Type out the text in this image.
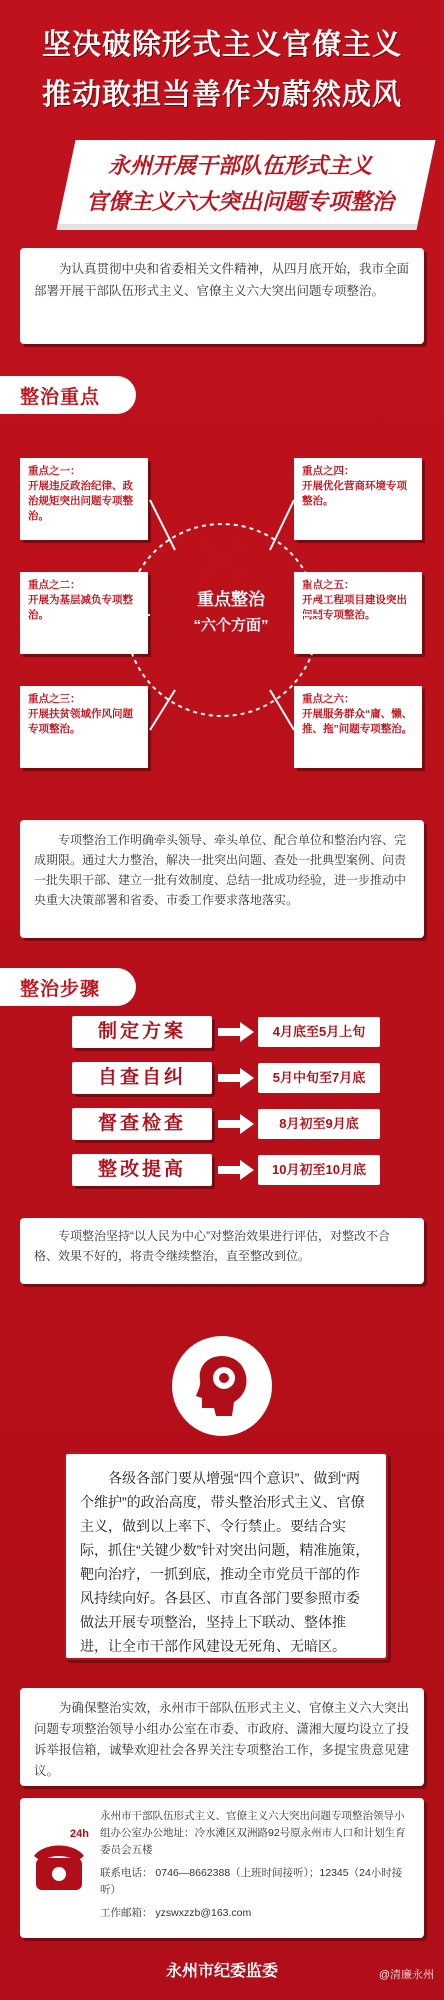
坚决破除形式主义官僚主义
推动敢担当善作为蔚然成风
永州开展干部队伍形式主义
官僚主义六大突出问题专项整治

为认真贯彻中央和省委相关文件精神，从四月底开始，我市全面部署开展干部队伍形式主义、官僚主义六大突出问题专项整治。

整治重点
重点之一：
开展违反政治纪律、政治规矩突出问题专项整治。
重点之二：
开展为基层减负专项整治。
重点之三：
开展扶贫领域作风问题专项整治。
重点之四：
开展优化营商环境专项整治。
重点之五：
开展工程项目建设突出问题专项整治。
重点之六：
开展服务群众“庸、懒、推、拖”问题专项整治。
重点整治
“六个方面”

专项整治工作明确牵头领导、牵头单位、配合单位和整治内容、完成期限。通过大力整治，解决一批突出问题、查处一批典型案例、问责一批失职干部、建立一批有效制度、总结一批成功经验，进一步推动中央重大决策部署和省委、市委工作要求落地落实。

整治步骤
制定方案	4月底至5月上旬
自查自纠	5月中旬至7月底
督查检查	8月初至9月底
整改提高	10月初至10月底

专项整治坚持“以人民为中心”对整治效果进行评估，对整改不合格、效果不好的，将责令继续整治，直至整改到位。

各级各部门要从增强“四个意识”、做到“两个维护”的政治高度，带头整治形式主义、官僚主义，做到以上率下、令行禁止。要结合实际，抓住“关键少数”针对突出问题，精准施策，靶向治疗，一抓到底，推动全市党员干部的作风持续向好。各县区、市直各部门要参照市委做法开展专项整治，坚持上下联动、整体推进，让全市干部作风建设无死角、无暗区。

为确保整治实效，永州市干部队伍形式主义、官僚主义六大突出问题专项整治领导小组办公室在市委、市政府、潇湘大厦均设立了投诉举报信箱，诚挚欢迎社会各界关注专项整治工作，多提宝贵意见建议。

24h
永州市干部队伍形式主义、官僚主义六大突出问题专项整治领导小组办公室办公地址：冷水滩区双洲路92号原永州市人口和计划生育委员会五楼
联系电话： 0746—8662388（上班时间接听）；12345（24小时接听）
工作邮箱： yzswxzzb@163.com
永州市纪委监委	@清廉永州
